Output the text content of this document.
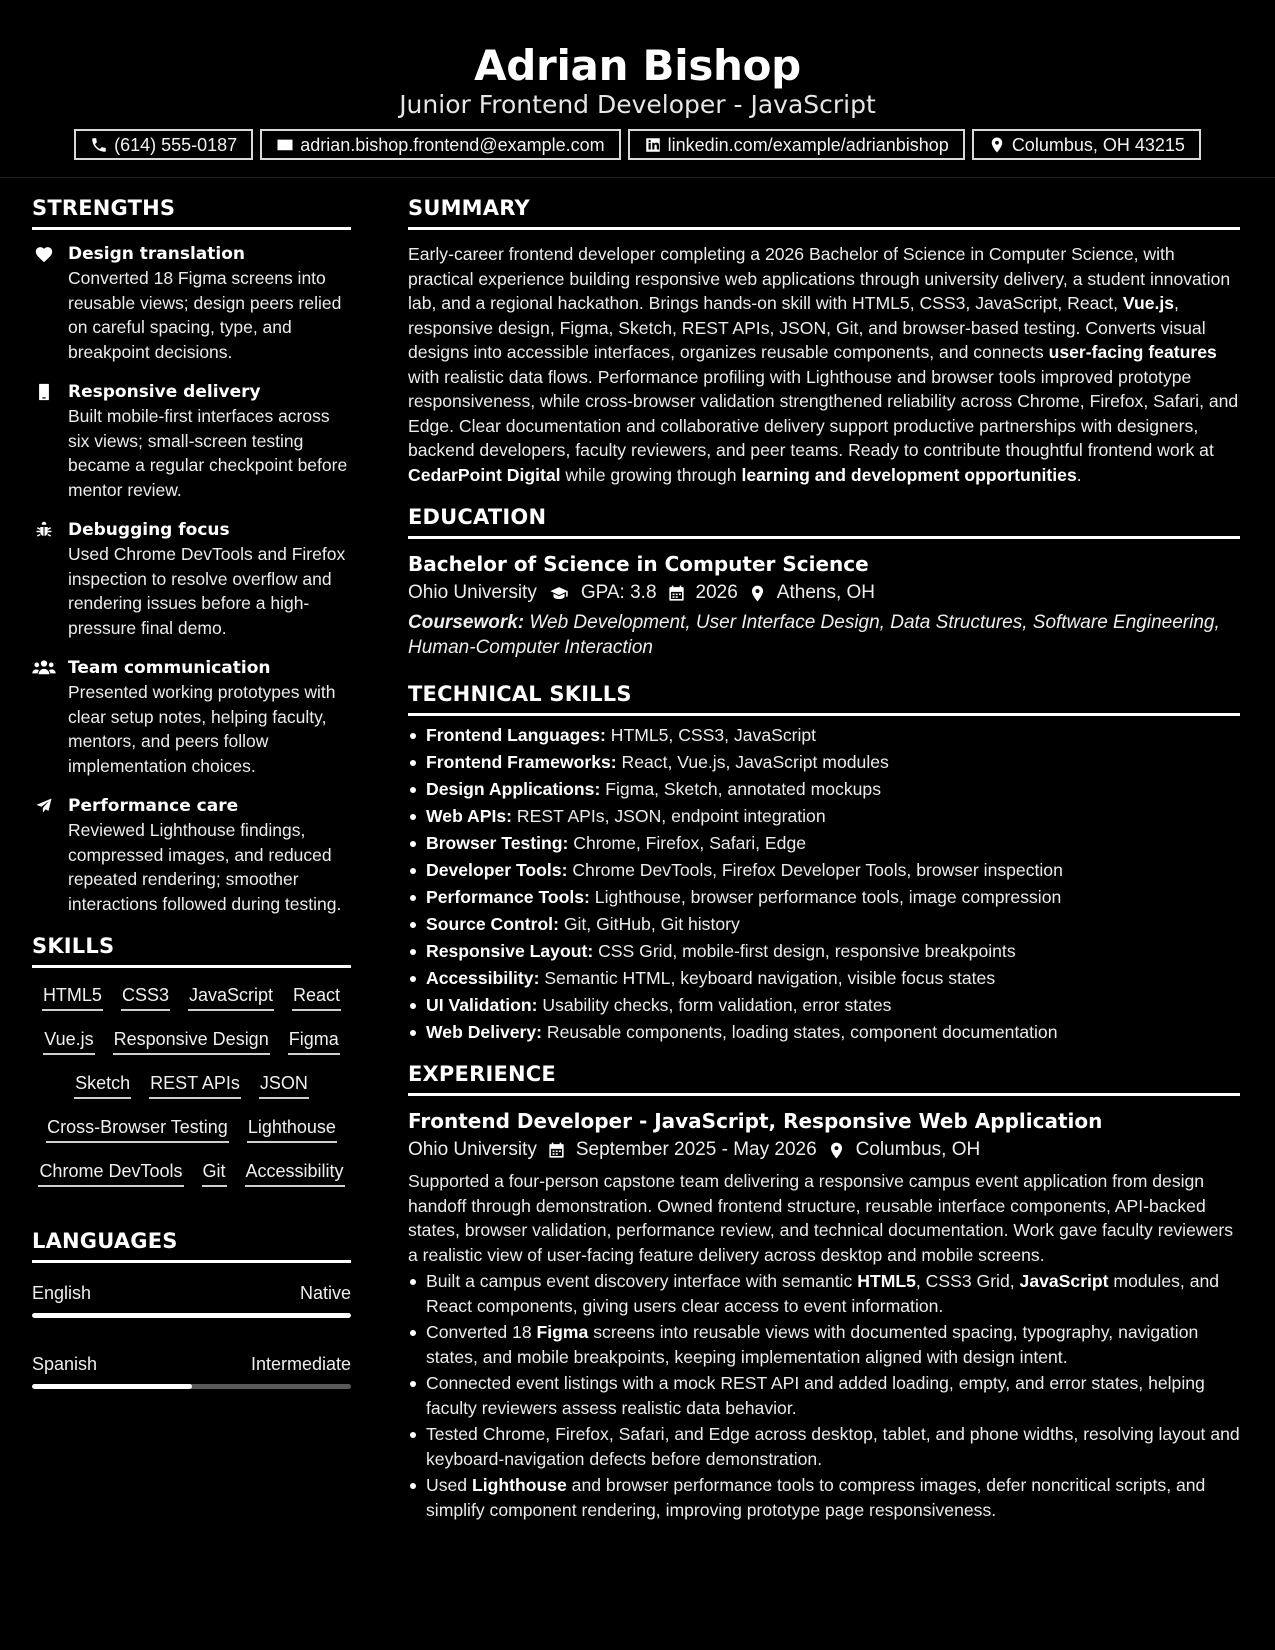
Adrian Bishop
Junior Frontend Developer - JavaScript
(614) 555-0187	adrian.bishop.frontend@example.com	linkedin.com/example/adrianbishop	Columbus, OH 43215
STRENGTHS
Design translation
Converted 18 Figma screens into reusable views; design peers relied on careful spacing, type, and breakpoint decisions.
Responsive delivery
Built mobile-first interfaces across six views; small-screen testing became a regular checkpoint before mentor review.
Debugging focus
Used Chrome DevTools and Firefox inspection to resolve overflow and rendering issues before a high-pressure final demo.
Team communication
Presented working prototypes with clear setup notes, helping faculty, mentors, and peers follow implementation choices.
Performance care
Reviewed Lighthouse findings, compressed images, and reduced repeated rendering; smoother interactions followed during testing.
SKILLS
HTML5 CSS3 JavaScript React
Vue.js Responsive Design Figma
Sketch REST APIs JSON
Cross-Browser Testing Lighthouse
Chrome DevTools Git Accessibility
LANGUAGES
English	Native
Spanish	Intermediate
SUMMARY
Early-career frontend developer completing a 2026 Bachelor of Science in Computer Science, with practical experience building responsive web applications through university delivery, a student innovation lab, and a regional hackathon. Brings hands-on skill with HTML5, CSS3, JavaScript, React, Vue.js, responsive design, Figma, Sketch, REST APIs, JSON, Git, and browser-based testing. Converts visual designs into accessible interfaces, organizes reusable components, and connects user-facing features with realistic data flows. Performance profiling with Lighthouse and browser tools improved prototype responsiveness, while cross-browser validation strengthened reliability across Chrome, Firefox, Safari, and Edge. Clear documentation and collaborative delivery support productive partnerships with designers, backend developers, faculty reviewers, and peer teams. Ready to contribute thoughtful frontend work at CedarPoint Digital while growing through learning and development opportunities.
EDUCATION
Bachelor of Science in Computer Science
Ohio University GPA: 3.8 2026 Athens, OH
Coursework: Web Development, User Interface Design, Data Structures, Software Engineering, Human-Computer Interaction
TECHNICAL SKILLS
Frontend Languages: HTML5, CSS3, JavaScript
Frontend Frameworks: React, Vue.js, JavaScript modules
Design Applications: Figma, Sketch, annotated mockups
Web APIs: REST APIs, JSON, endpoint integration
Browser Testing: Chrome, Firefox, Safari, Edge
Developer Tools: Chrome DevTools, Firefox Developer Tools, browser inspection
Performance Tools: Lighthouse, browser performance tools, image compression
Source Control: Git, GitHub, Git history
Responsive Layout: CSS Grid, mobile-first design, responsive breakpoints
Accessibility: Semantic HTML, keyboard navigation, visible focus states
UI Validation: Usability checks, form validation, error states
Web Delivery: Reusable components, loading states, component documentation
EXPERIENCE
Frontend Developer - JavaScript, Responsive Web Application
Ohio University September 2025 - May 2026 Columbus, OH
Supported a four-person capstone team delivering a responsive campus event application from design handoff through demonstration. Owned frontend structure, reusable interface components, API-backed states, browser validation, performance review, and technical documentation. Work gave faculty reviewers a realistic view of user-facing feature delivery across desktop and mobile screens.
Built a campus event discovery interface with semantic HTML5, CSS3 Grid, JavaScript modules, and React components, giving users clear access to event information.
Converted 18 Figma screens into reusable views with documented spacing, typography, navigation states, and mobile breakpoints, keeping implementation aligned with design intent.
Connected event listings with a mock REST API and added loading, empty, and error states, helping faculty reviewers assess realistic data behavior.
Tested Chrome, Firefox, Safari, and Edge across desktop, tablet, and phone widths, resolving layout and keyboard-navigation defects before demonstration.
Used Lighthouse and browser performance tools to compress images, defer noncritical scripts, and simplify component rendering, improving prototype page responsiveness.
